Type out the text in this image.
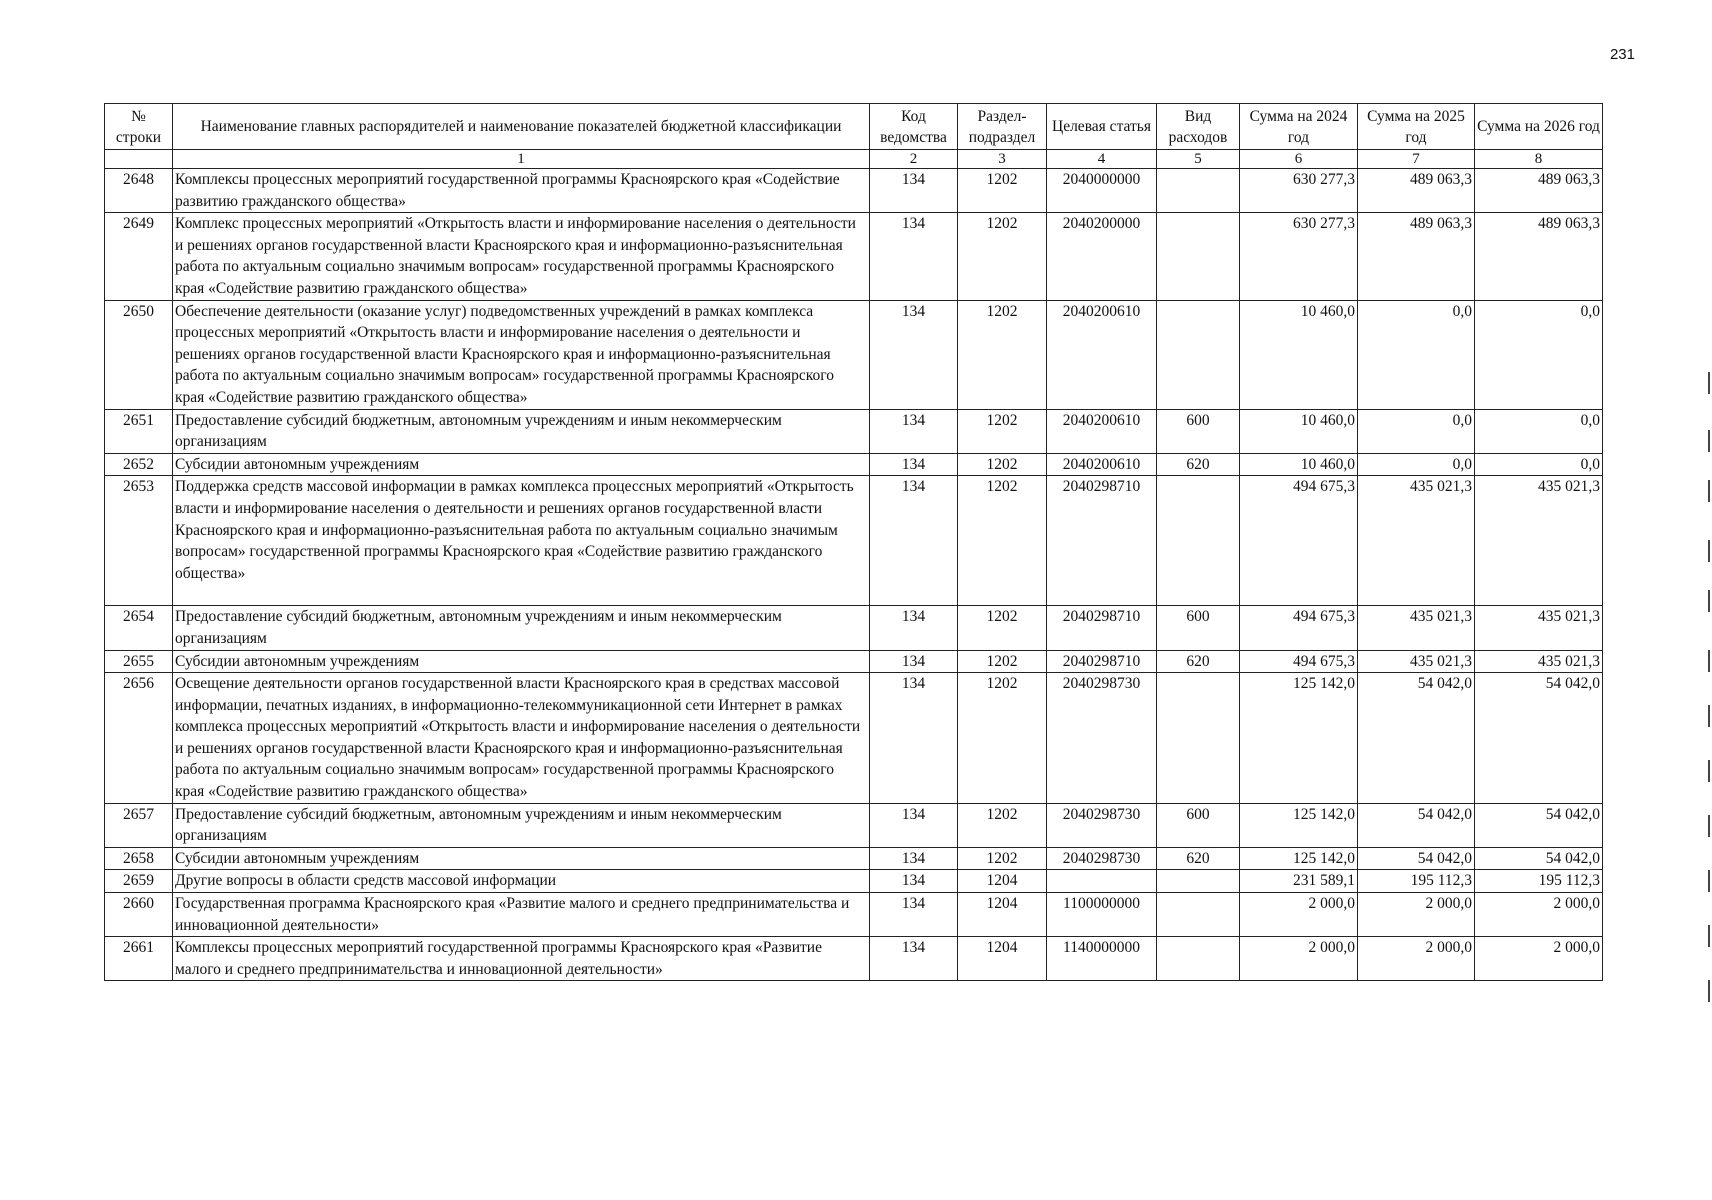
231
№ строки	Наименование главных распорядителей и наименование показателей бюджетной классификации	Код ведомства	Раздел-подраздел	Целевая статья	Вид расходов	Сумма на 2024 год	Сумма на 2025 год	Сумма на 2026 год
	1	2	3	4	5	6	7	8
2648	Комплексы процессных мероприятий государственной программы Красноярского края «Содействие развитию гражданского общества»	134	1202	2040000000		630 277,3	489 063,3	489 063,3
2649	Комплекс процессных мероприятий «Открытость власти и информирование населения о деятельности и решениях органов государственной власти Красноярского края и информационно-разъяснительная работа по актуальным социально значимым вопросам» государственной программы Красноярского края «Содействие развитию гражданского общества»	134	1202	2040200000		630 277,3	489 063,3	489 063,3
2650	Обеспечение деятельности (оказание услуг) подведомственных учреждений в рамках комплекса процессных мероприятий «Открытость власти и информирование населения о деятельности и решениях органов государственной власти Красноярского края и информационно-разъяснительная работа по актуальным социально значимым вопросам» государственной программы Красноярского края «Содействие развитию гражданского общества»	134	1202	2040200610		10 460,0	0,0	0,0
2651	Предоставление субсидий бюджетным, автономным учреждениям и иным некоммерческим организациям	134	1202	2040200610	600	10 460,0	0,0	0,0
2652	Субсидии автономным учреждениям	134	1202	2040200610	620	10 460,0	0,0	0,0
2653	Поддержка средств массовой информации в рамках комплекса процессных мероприятий «Открытость власти и информирование населения о деятельности и решениях органов государственной власти Красноярского края и информационно-разъяснительная работа по актуальным социально значимым вопросам» государственной программы Красноярского края «Содействие развитию гражданского общества»	134	1202	2040298710		494 675,3	435 021,3	435 021,3
2654	Предоставление субсидий бюджетным, автономным учреждениям и иным некоммерческим организациям	134	1202	2040298710	600	494 675,3	435 021,3	435 021,3
2655	Субсидии автономным учреждениям	134	1202	2040298710	620	494 675,3	435 021,3	435 021,3
2656	Освещение деятельности органов государственной власти Красноярского края в средствах массовой информации, печатных изданиях, в информационно-телекоммуникационной сети Интернет в рамках комплекса процессных мероприятий «Открытость власти и информирование населения о деятельности и решениях органов государственной власти Красноярского края и информационно-разъяснительная работа по актуальным социально значимым вопросам» государственной программы Красноярского края «Содействие развитию гражданского общества»	134	1202	2040298730		125 142,0	54 042,0	54 042,0
2657	Предоставление субсидий бюджетным, автономным учреждениям и иным некоммерческим организациям	134	1202	2040298730	600	125 142,0	54 042,0	54 042,0
2658	Субсидии автономным учреждениям	134	1202	2040298730	620	125 142,0	54 042,0	54 042,0
2659	Другие вопросы в области средств массовой информации	134	1204			231 589,1	195 112,3	195 112,3
2660	Государственная программа Красноярского края «Развитие малого и среднего предпринимательства и инновационной деятельности»	134	1204	1100000000		2 000,0	2 000,0	2 000,0
2661	Комплексы процессных мероприятий государственной программы Красноярского края «Развитие малого и среднего предпринимательства и инновационной деятельности»	134	1204	1140000000		2 000,0	2 000,0	2 000,0
